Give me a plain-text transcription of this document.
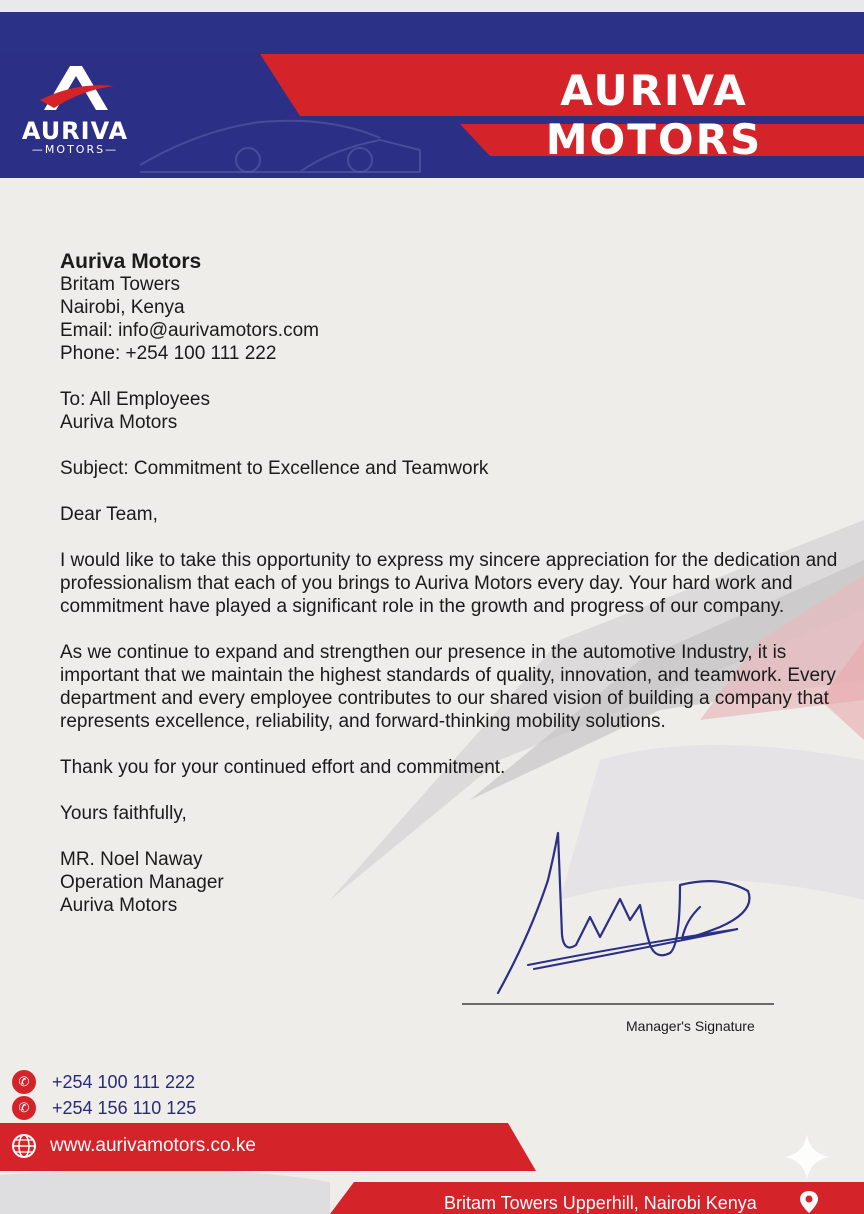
AURIVA
—MOTORS—
AURIVA MOTORS

Auriva Motors

Britam Towers

Nairobi, Kenya

Email: info@aurivamotors.com

Phone: +254 100 111 222

To: All Employees

Auriva Motors

Subject: Commitment to Excellence and Teamwork

Dear Team,

I would like to take this opportunity to express my sincere appreciation for the dedication and professionalism that each of you brings to Auriva Motors every day. Your hard work and commitment have played a significant role in the growth and progress of our company.

As we continue to expand and strengthen our presence in the automotive Industry, it is important that we maintain the highest standards of quality, innovation, and teamwork. Every department and every employee contributes to our shared vision of building a company that represents excellence, reliability, and forward-thinking mobility solutions.

Thank you for your continued effort and commitment.

Yours faithfully,

MR. Noel Naway

Operation Manager

Auriva Motors

Manager's Signature
✆	+254 100 111 222
✆	+254 156 110 125
www.aurivamotors.co.ke
Britam Towers Upperhill, Nairobi Kenya
